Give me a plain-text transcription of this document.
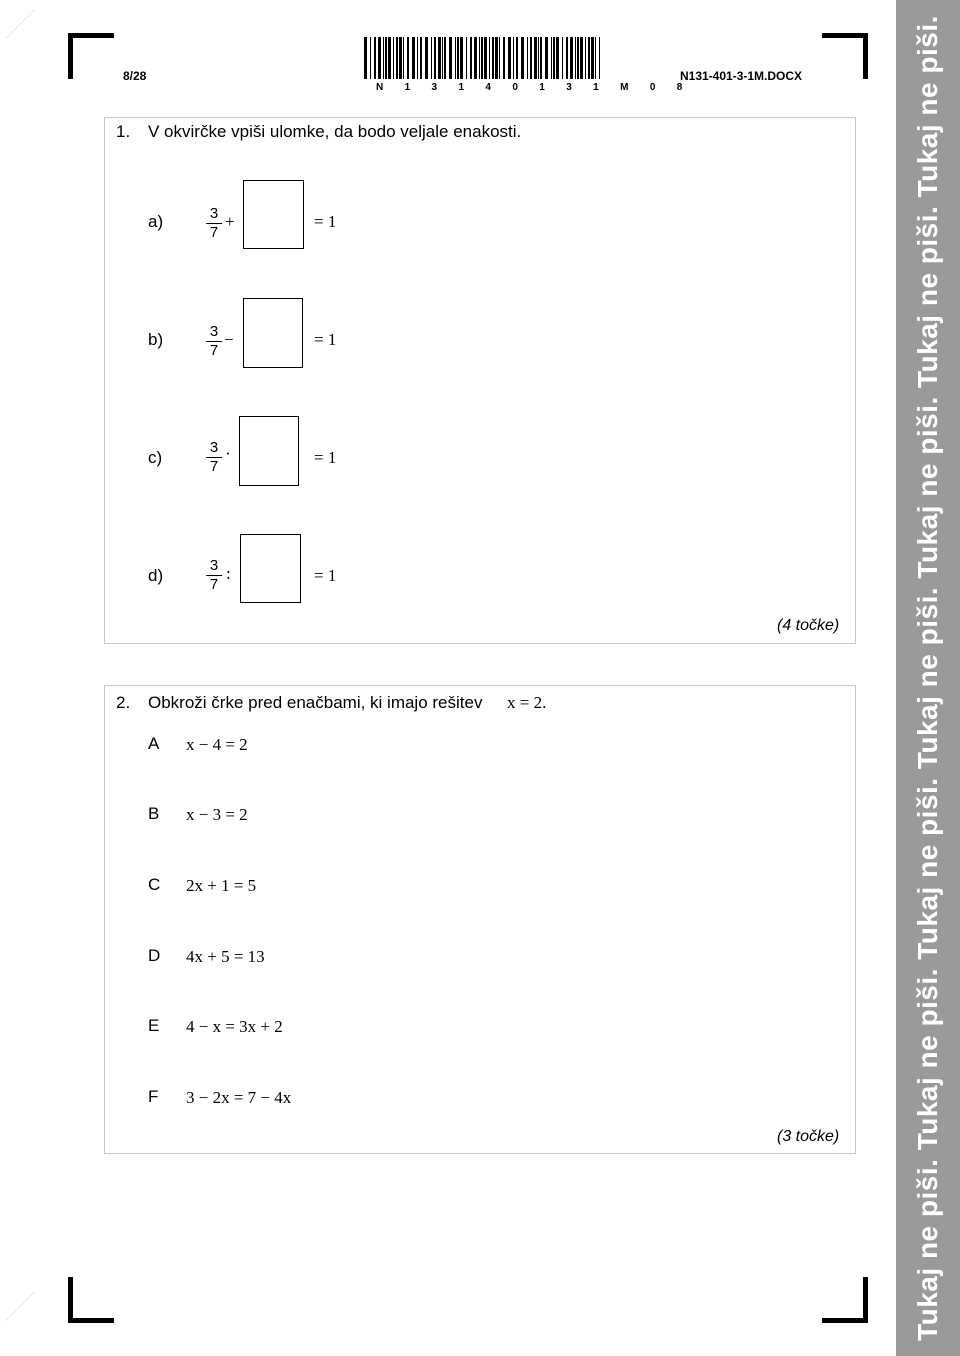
8/28
N 1 3 1 4 0 1 3 1 M 0 8
N131-401-3-1M.DOCX
1. V okvirčke vpiši ulomke, da bodo veljale enakosti.
a)	3
7
+	= 1
b)	3
7
−	= 1
c)
3
7
·	= 1
d)
3
7
:	= 1
(4 točke)
2. Obkroži črke pred enačbami, ki imajo rešitev x = 2.
A x − 4 = 2
B x − 3 = 2
C 2x + 1 = 5
D 4x + 5 = 13
E 4 − x = 3x + 2
F 3 − 2x = 7 − 4x
(3 točke)	Tukaj ne piši. Tukaj ne piši. Tukaj ne piši. Tukaj ne piši. Tukaj ne piši. Tukaj ne piši. Tukaj ne piši.
